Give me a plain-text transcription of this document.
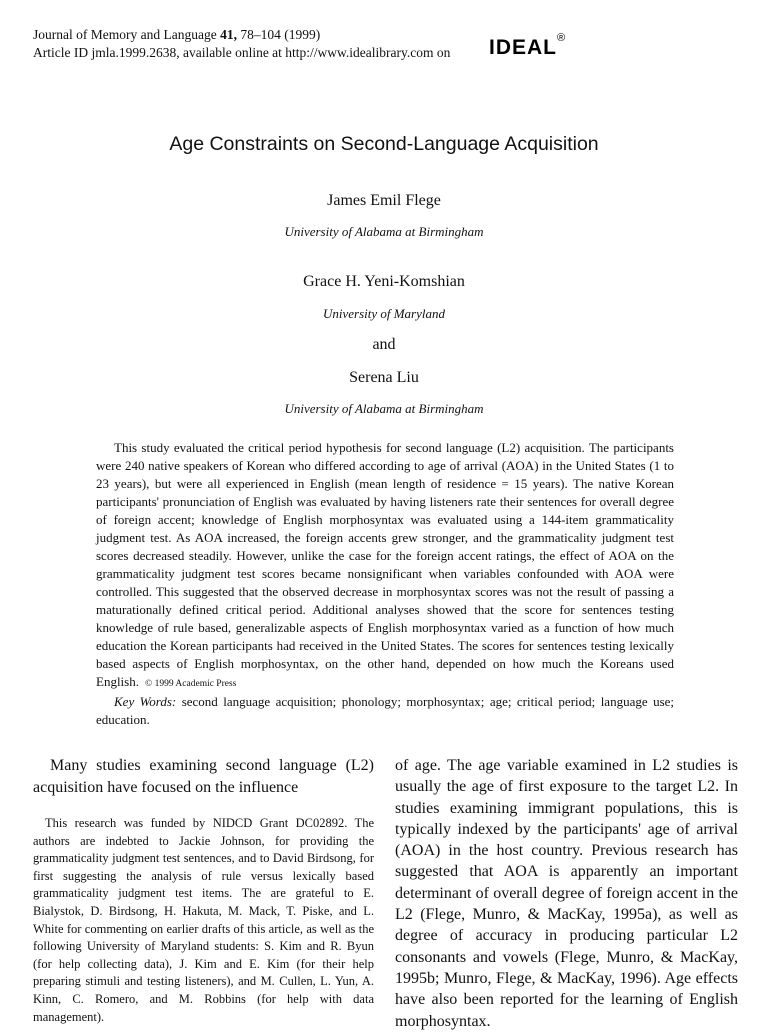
Journal of Memory and Language 41, 78–104 (1999)
Article ID jmla.1999.2638, available online at http://www.idealibrary.com on IDEAL®
Age Constraints on Second-Language Acquisition
James Emil Flege
University of Alabama at Birmingham
Grace H. Yeni-Komshian
University of Maryland
and
Serena Liu
University of Alabama at Birmingham

This study evaluated the critical period hypothesis for second language (L2) acquisition. The participants were 240 native speakers of Korean who differed according to age of arrival (AOA) in the United States (1 to 23 years), but were all experienced in English (mean length of residence = 15 years). The native Korean participants' pronunciation of English was evaluated by having listeners rate their sentences for overall degree of foreign accent; knowledge of English morphosyntax was evaluated using a 144-item grammaticality judgment test. As AOA increased, the foreign accents grew stronger, and the grammaticality judgment test scores decreased steadily. However, unlike the case for the foreign accent ratings, the effect of AOA on the grammaticality judgment test scores became nonsignificant when variables confounded with AOA were controlled. This suggested that the observed decrease in morphosyntax scores was not the result of passing a maturationally defined critical period. Additional analyses showed that the score for sentences testing knowledge of rule based, generalizable aspects of English morphosyntax varied as a function of how much education the Korean participants had received in the United States. The scores for sentences testing lexically based aspects of English morphosyntax, on the other hand, depended on how much the Koreans used English. © 1999 Academic Press

Key Words: second language acquisition; phonology; morphosyntax; age; critical period; language use; education.

Many studies examining second language (L2) acquisition have focused on the influence

This research was funded by NIDCD Grant DC02892. The authors are indebted to Jackie Johnson, for providing the grammaticality judgment test sentences, and to David Birdsong, for first suggesting the analysis of rule versus lexically based grammaticality judgment test items. The are grateful to E. Bialystok, D. Birdsong, H. Hakuta, M. Mack, T. Piske, and L. White for commenting on earlier drafts of this article, as well as the following University of Maryland students: S. Kim and R. Byun (for help collecting data), J. Kim and E. Kim (for their help preparing stimuli and testing listeners), and M. Cullen, L. Yun, A. Kinn, C. Romero, and M. Robbins (for help with data management).

of age. The age variable examined in L2 studies is usually the age of first exposure to the target L2. In studies examining immigrant populations, this is typically indexed by the participants' age of arrival (AOA) in the host country. Previous research has suggested that AOA is apparently an important determinant of overall degree of foreign accent in the L2 (Flege, Munro, & MacKay, 1995a), as well as degree of accuracy in producing particular L2 consonants and vowels (Flege, Munro, & MacKay, 1995b; Munro, Flege, & MacKay, 1996). Age effects have also been reported for the learning of English morphosyntax.
